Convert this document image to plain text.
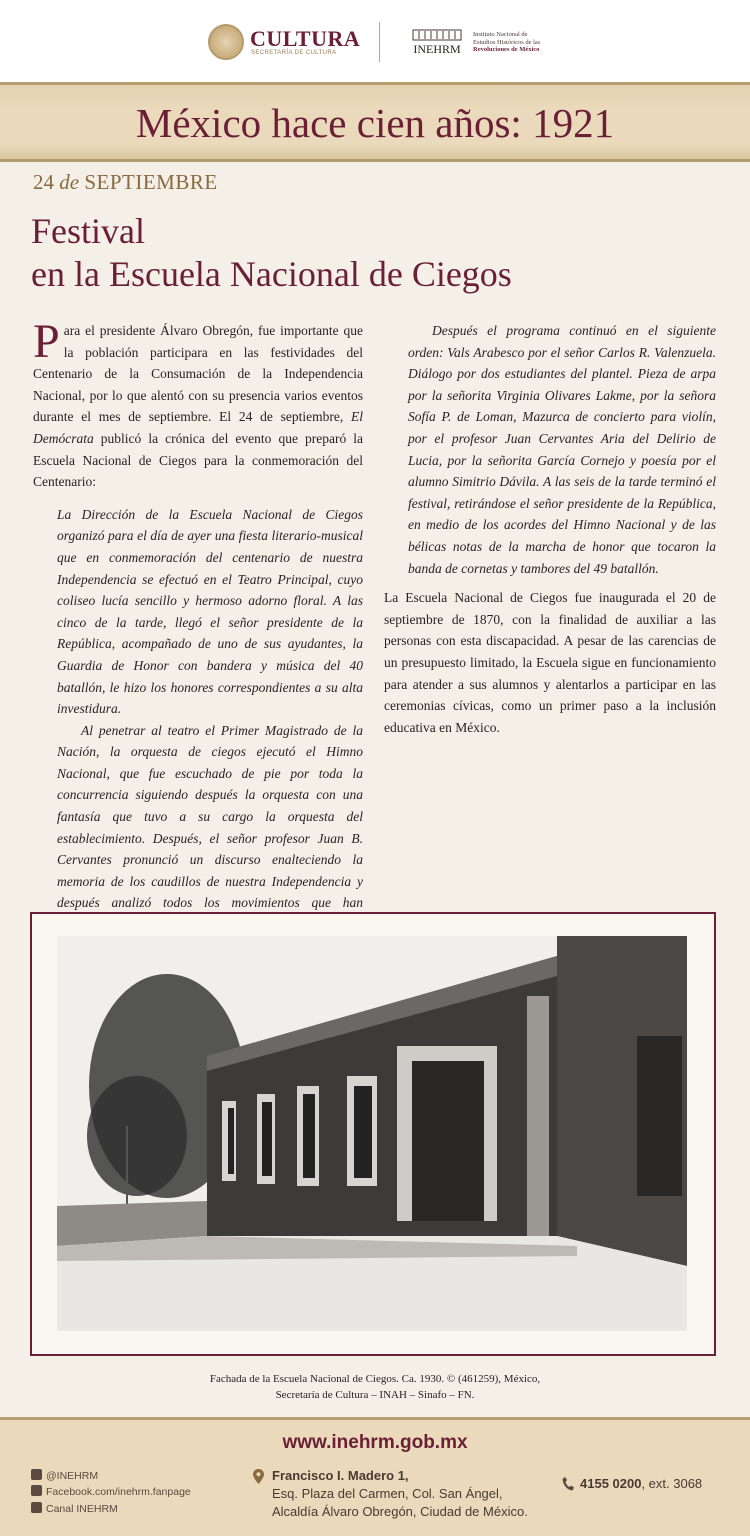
CULTURA
SECRETARÍA DE CULTURA	INEHRM
Instituto Nacional de
Estudios Históricos de las
Revoluciones de México
México hace cien años: 1921
24 de SEPTIEMBRE
Festival
en la Escuela Nacional de Ciegos

Para el presidente Álvaro Obregón, fue importante que la población participara en las festividades del Centenario de la Consumación de la Independencia Nacional, por lo que alentó con su presencia varios eventos durante el mes de septiembre. El 24 de septiembre, El Demócrata publicó la crónica del evento que preparó la Escuela Nacional de Ciegos para la conmemoración del Centenario:

La Dirección de la Escuela Nacional de Ciegos organizó para el día de ayer una fiesta literario-musical que en conmemoración del centenario de nuestra Independencia se efectuó en el Teatro Principal, cuyo coliseo lucía sencillo y hermoso adorno floral. A las cinco de la tarde, llegó el señor presidente de la República, acompañado de uno de sus ayudantes, la Guardia de Honor con bandera y música del 40 batallón, le hizo los honores correspondientes a su alta investidura.

Al penetrar al teatro el Primer Magistrado de la Nación, la orquesta de ciegos ejecutó el Himno Nacional, que fue escuchado de pie por toda la concurrencia siguiendo después la orquesta con una fantasía que tuvo a su cargo la orquesta del establecimiento. Después, el señor profesor Juan B. Cervantes pronunció un discurso enalteciendo la memoria de los caudillos de nuestra Independencia y después analizó todos los movimientos que han

Después el programa continuó en el siguiente orden: Vals Arabesco por el señor Carlos R. Valenzuela. Diálogo por dos estudiantes del plantel. Pieza de arpa por la señorita Virginia Olivares Lakme, por la señora Sofía P. de Loman, Mazurca de concierto para violín, por el profesor Juan Cervantes Aria del Delirio de Lucia, por la señorita García Cornejo y poesía por el alumno Simitrio Dávila. A las seis de la tarde terminó el festival, retirándose el señor presidente de la República, en medio de los acordes del Himno Nacional y de las bélicas notas de la marcha de honor que tocaron la banda de cornetas y tambores del 49 batallón.

La Escuela Nacional de Ciegos fue inaugurada el 20 de septiembre de 1870, con la finalidad de auxiliar a las personas con esta discapacidad. A pesar de las carencias de un presupuesto limitado, la Escuela sigue en funcionamiento para atender a sus alumnos y alentarlos a participar en las ceremonias cívicas, como un primer paso a la inclusión educativa en México.

Fachada de la Escuela Nacional de Ciegos. Ca. 1930. © (461259), México,
Secretaría de Cultura – INAH – Sinafo – FN.
www.inehrm.gob.mx
@INEHRM
Facebook.com/inehrm.fanpage
Canal INEHRM
Francisco I. Madero 1,
Esq. Plaza del Carmen, Col. San Ángel,
Alcaldía Álvaro Obregón, Ciudad de México.
4155 0200, ext. 3068
